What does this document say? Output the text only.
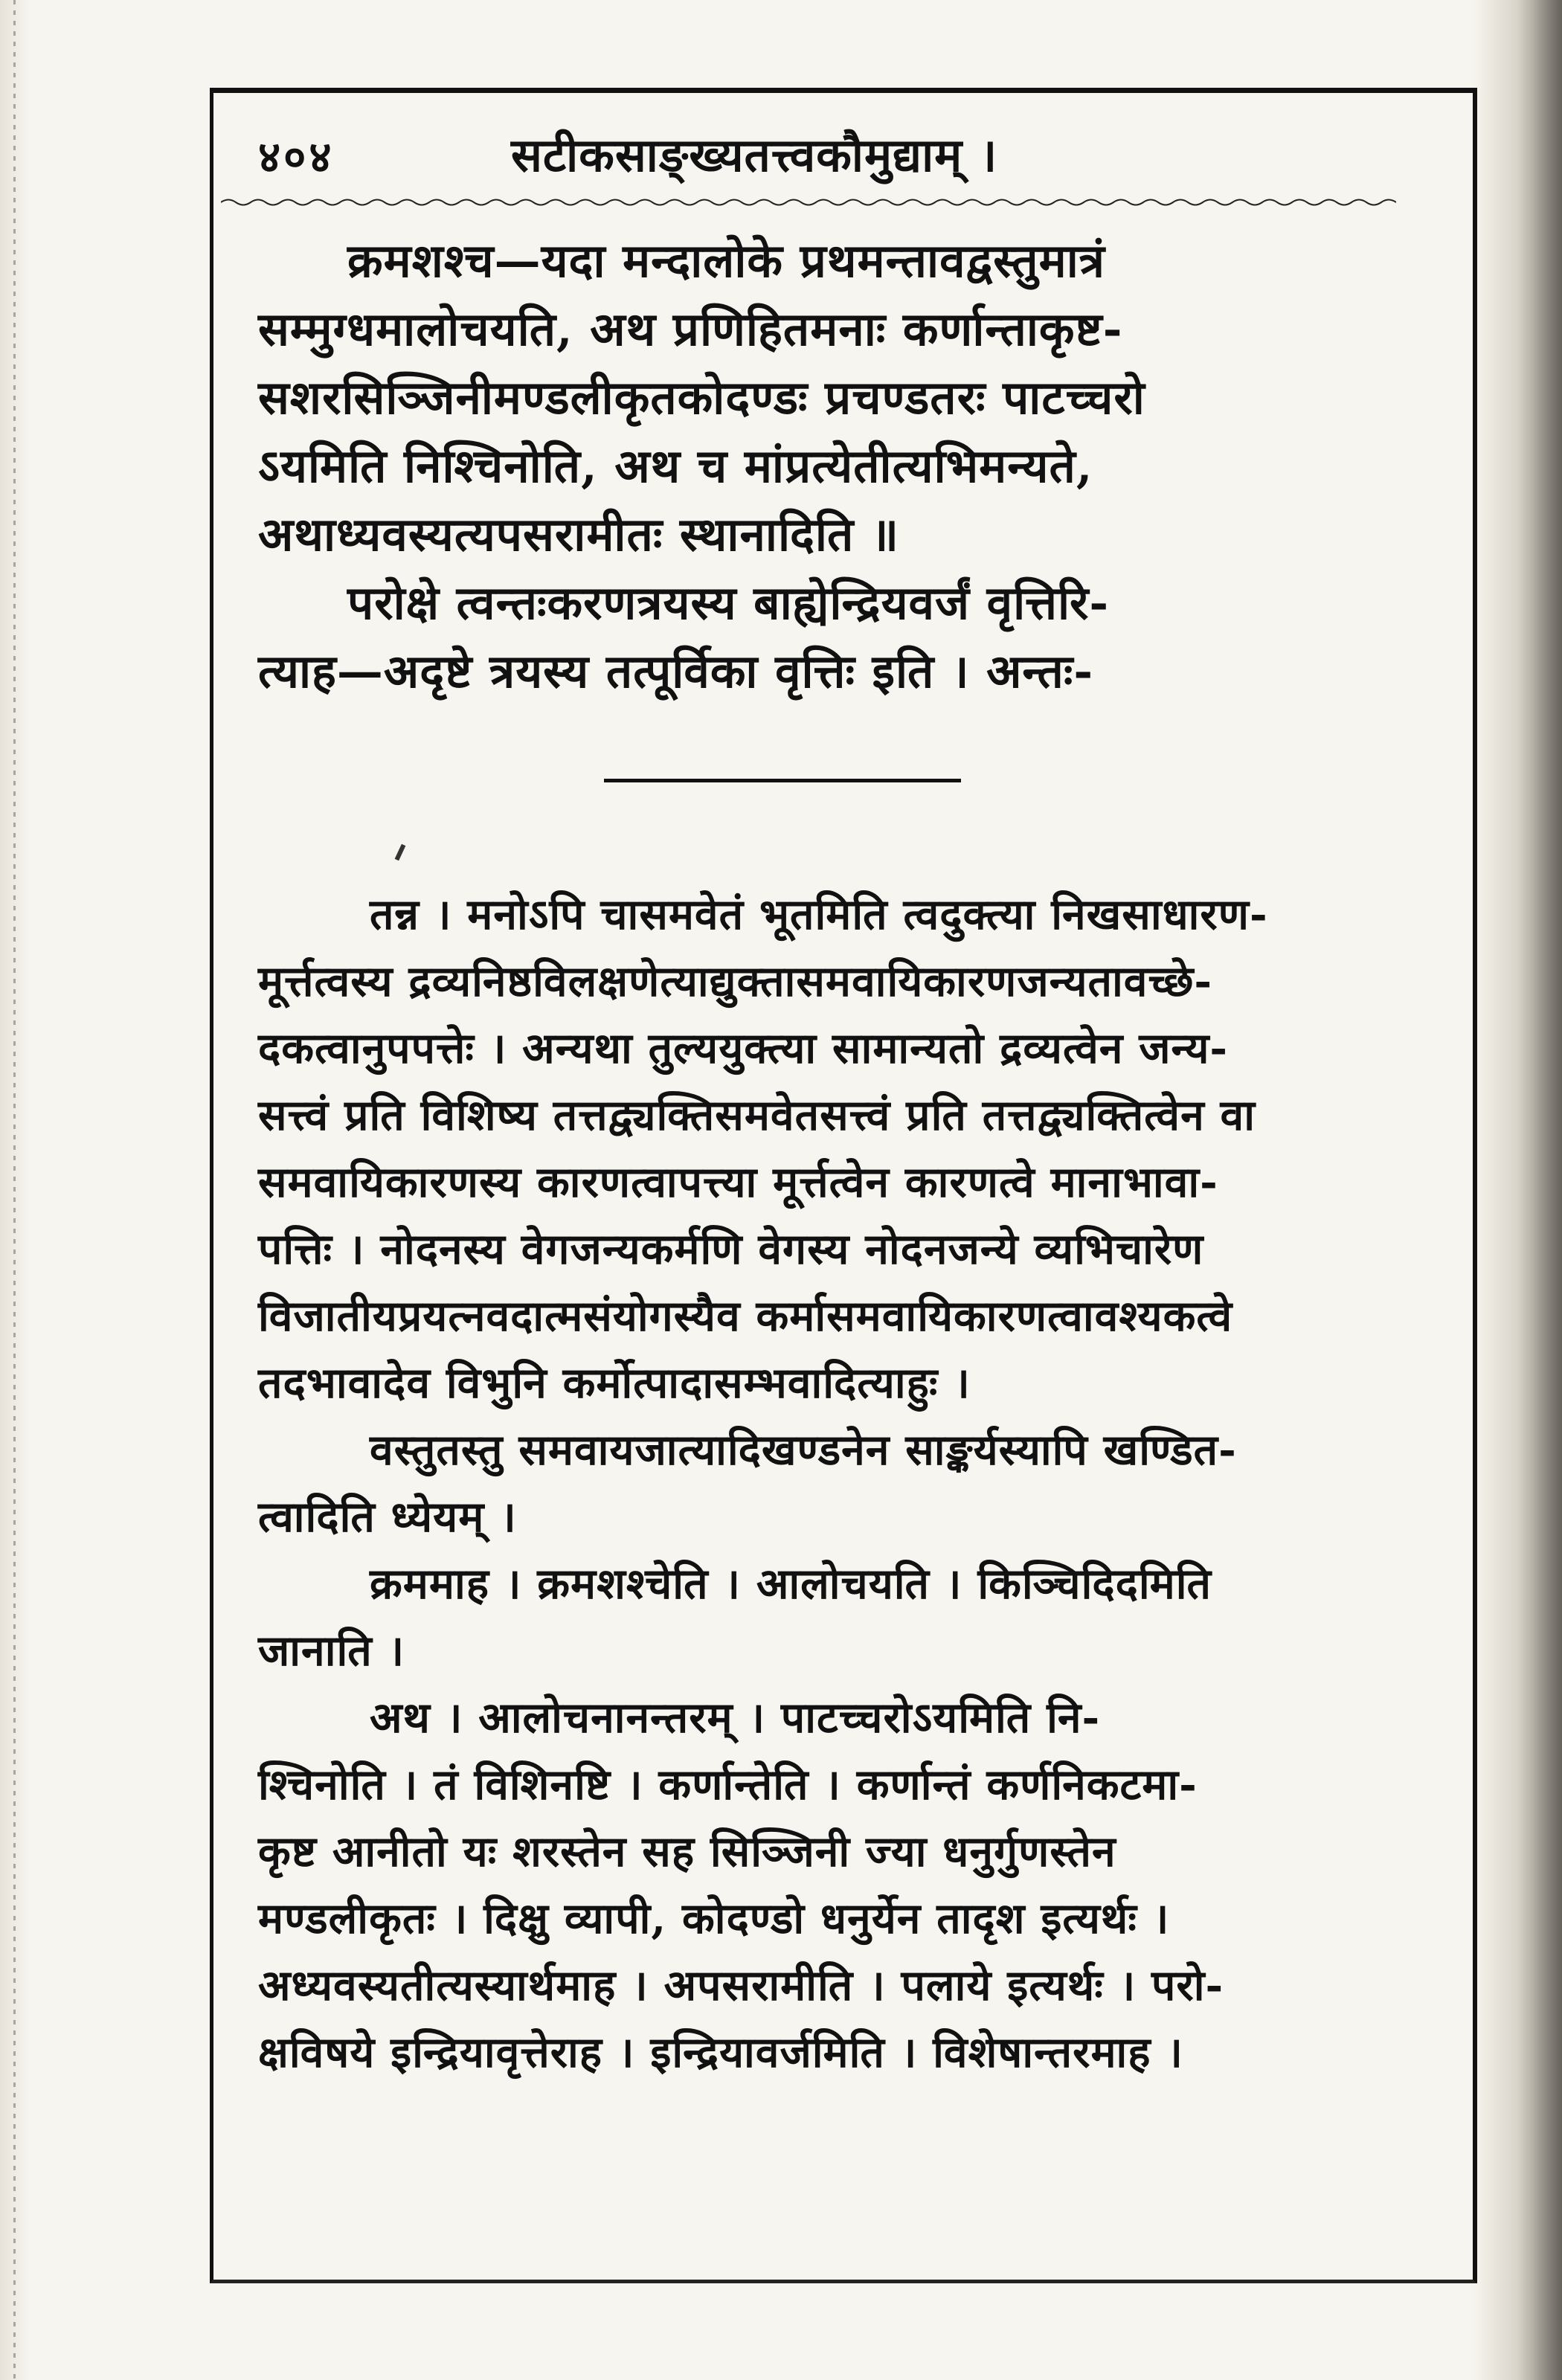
४०४	सटीकसाङ्ख्यतत्त्वकौमुद्याम् ।
क्रमशश्च—यदा मन्दालोके प्रथमन्तावद्वस्तुमात्रं
सम्मुग्धमालोचयति, अथ प्रणिहितमनाः कर्णान्ताकृष्ट-
सशरसिञ्जिनीमण्डलीकृतकोदण्डः प्रचण्डतरः पाटच्चरो
ऽयमिति निश्चिनोति, अथ च मांप्रत्येतीत्यभिमन्यते,
अथाध्यवस्यत्यपसरामीतः स्थानादिति ॥
परोक्षे त्वन्तःकरणत्रयस्य बाह्येन्द्रियवर्जं वृत्तिरि-
त्याह—अदृष्टे त्रयस्य तत्पूर्विका वृत्तिः इति । अन्तः-
तन्न । मनोऽपि चासमवेतं भूतमिति त्वदुक्त्या निखसाधारण-
मूर्त्तत्वस्य द्रव्यनिष्ठविलक्षणेत्याद्युक्तासमवायिकारणजन्यतावच्छे-
दकत्वानुपपत्तेः । अन्यथा तुल्ययुक्त्या सामान्यतो द्रव्यत्वेन जन्य-
सत्त्वं प्रति विशिष्य तत्तद्व्यक्तिसमवेतसत्त्वं प्रति तत्तद्व्यक्तित्वेन वा
समवायिकारणस्य कारणत्वापत्त्या मूर्त्तत्वेन कारणत्वे मानाभावा-
पत्तिः । नोदनस्य वेगजन्यकर्मणि वेगस्य नोदनजन्ये व्यभिचारेण
विजातीयप्रयत्नवदात्मसंयोगस्यैव कर्मासमवायिकारणत्वावश्यकत्वे
तदभावादेव विभुनि कर्मोत्पादासम्भवादित्याहुः ।
वस्तुतस्तु समवायजात्यादिखण्डनेन साङ्कर्यस्यापि खण्डित-
त्वादिति ध्येयम् ।
क्रममाह । क्रमशश्चेति । आलोचयति । किञ्चिदिदमिति
जानाति ।
अथ । आलोचनानन्तरम् । पाटच्चरोऽयमिति नि-
श्चिनोति । तं विशिनष्टि । कर्णान्तेति । कर्णान्तं कर्णनिकटमा-
कृष्ट आनीतो यः शरस्तेन सह सिञ्जिनी ज्या धनुर्गुणस्तेन
मण्डलीकृतः । दिक्षु व्यापी, कोदण्डो धनुर्येन तादृश इत्यर्थः ।
अध्यवस्यतीत्यस्यार्थमाह । अपसरामीति । पलाये इत्यर्थः । परो-
क्षविषये इन्द्रियावृत्तेराह । इन्द्रियावर्जमिति । विशेषान्तरमाह ।
